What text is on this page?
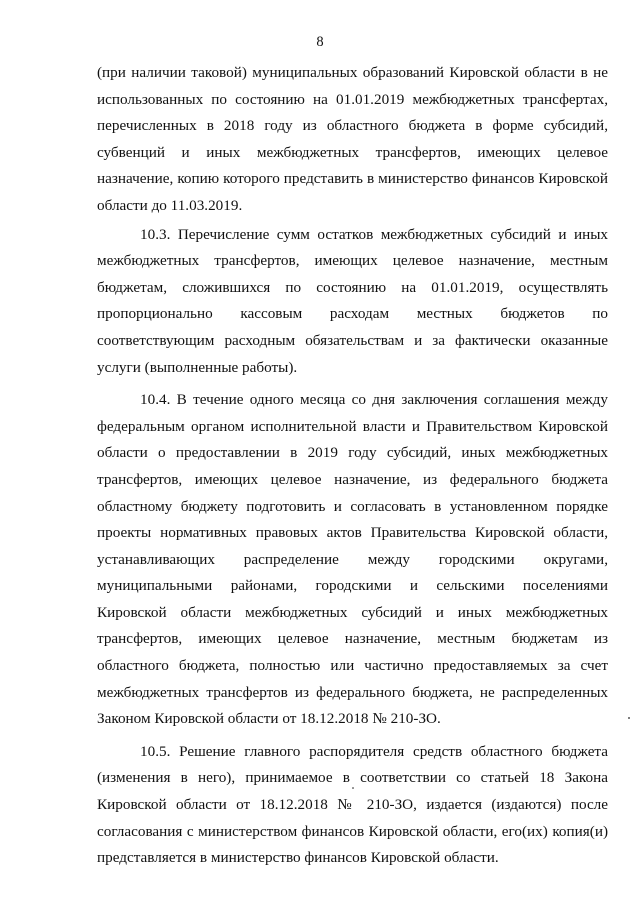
8

(при наличии таковой) муниципальных образований Кировской области в не использованных по состоянию на 01.01.2019 межбюджетных трансфертах, перечисленных в 2018 году из областного бюджета в форме субсидий, субвенций и иных межбюджетных трансфертов, имеющих целевое назначение, копию которого представить в министерство финансов Кировской области до 11.03.2019.

10.3. Перечисление сумм остатков межбюджетных субсидий и иных межбюджетных трансфертов, имеющих целевое назначение, местным бюджетам, сложившихся по состоянию на 01.01.2019, осуществлять пропорционально кассовым расходам местных бюджетов по соответствующим расходным обязательствам и за фактически оказанные услуги (выполненные работы).

10.4. В течение одного месяца со дня заключения соглашения между федеральным органом исполнительной власти и Правительством Кировской области о предоставлении в 2019 году субсидий, иных межбюджетных трансфертов, имеющих целевое назначение, из федерального бюджета областному бюджету подготовить и согласовать в установленном порядке проекты нормативных правовых актов Правительства Кировской области, устанавливающих распределение между городскими округами, муниципальными районами, городскими и сельскими поселениями Кировской области межбюджетных субсидий и иных межбюджетных трансфертов, имеющих целевое назначение, местным бюджетам из областного бюджета, полностью или частично предоставляемых за счет межбюджетных трансфертов из федерального бюджета, не распределенных Законом Кировской области от 18.12.2018 № 210-ЗО.

10.5. Решение главного распорядителя средств областного бюджета (изменения в него), принимаемое в соответствии со статьей 18 Закона Кировской области от 18.12.2018 № 210-ЗО, издается (издаются) после согласования с министерством финансов Кировской области, его(их) копия(и) представляется в министерство финансов Кировской области.
